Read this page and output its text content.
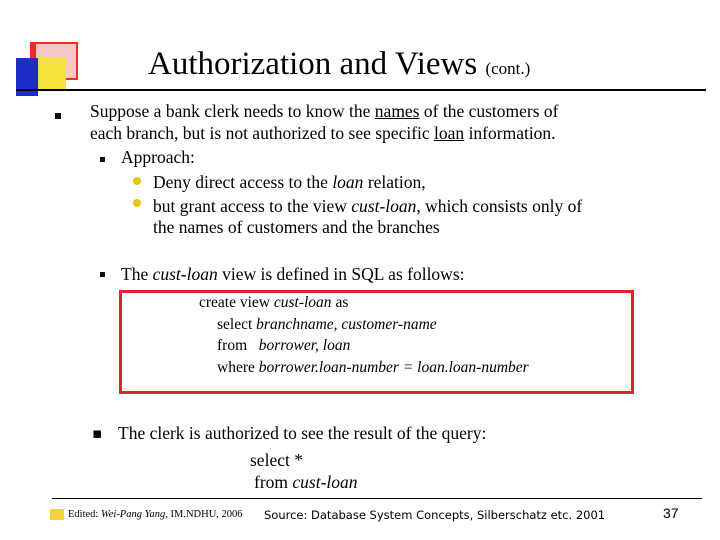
Authorization and Views (cont.)
Suppose a bank clerk needs to know the names of the customers of
each branch, but is not authorized to see specific loan information.
Approach:
Deny direct access to the loan relation,
but grant access to the view cust-loan, which consists only of
the names of customers and the branches
The cust-loan view is defined in SQL as follows:
create view cust-loan as
select branchname, customer-name
from   borrower, loan
where borrower.loan-number = loan.loan-number
▪ The clerk is authorized to see the result of the query:
select *
from cust-loan
Edited: Wei-Pang Yang, IM.NDHU, 2006 Source: Database System Concepts, Silberschatz etc. 2001	37
